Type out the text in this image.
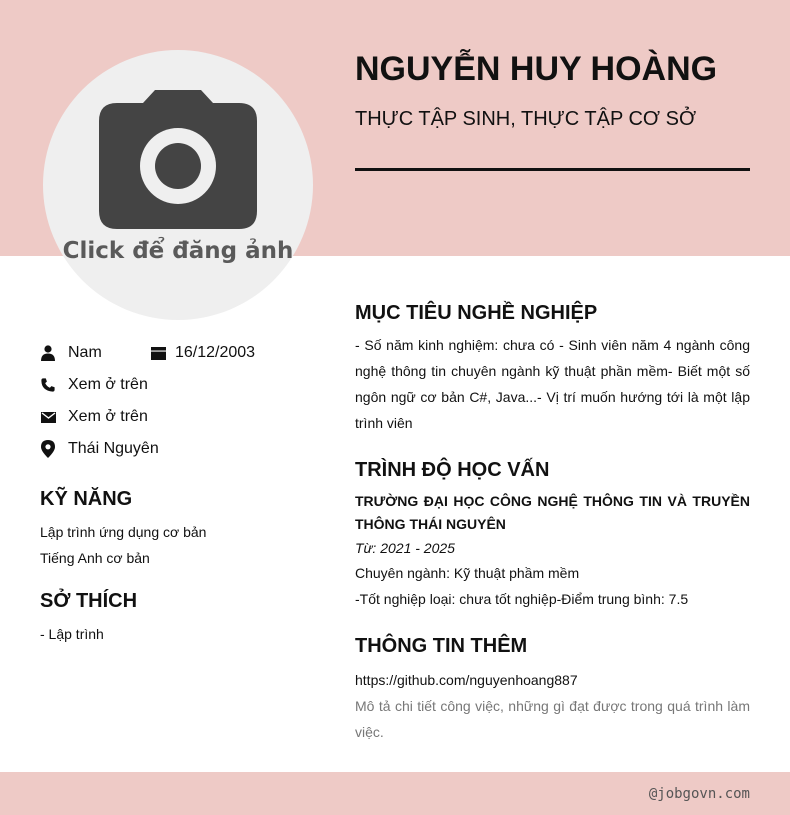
Click để đăng ảnh
NGUYỄN HUY HOÀNG
THỰC TẬP SINH, THỰC TẬP CƠ SỞ
Nam	16/12/2003
Xem ở trên
Xem ở trên
Thái Nguyên
KỸ NĂNG
Lập trình ứng dụng cơ bản
Tiếng Anh cơ bản
SỞ THÍCH
- Lập trình
MỤC TIÊU NGHỀ NGHIỆP
- Số năm kinh nghiệm: chưa có - Sinh viên năm 4 ngành công nghệ thông tin chuyên ngành kỹ thuật phần mềm- Biết một số ngôn ngữ cơ bản C#, Java...- Vị trí muốn hướng tới là một lập trình viên
TRÌNH ĐỘ HỌC VẤN
TRƯỜNG ĐẠI HỌC CÔNG NGHỆ THÔNG TIN VÀ TRUYỀN THÔNG THÁI NGUYÊN
Từ: 2021 - 2025
Chuyên ngành: Kỹ thuật phầm mềm
-Tốt nghiệp loại: chưa tốt nghiệp-Điểm trung bình: 7.5
THÔNG TIN THÊM
https://github.com/nguyenhoang887
Mô tả chi tiết công việc, những gì đạt được trong quá trình làm việc.
@jobgovn.com
